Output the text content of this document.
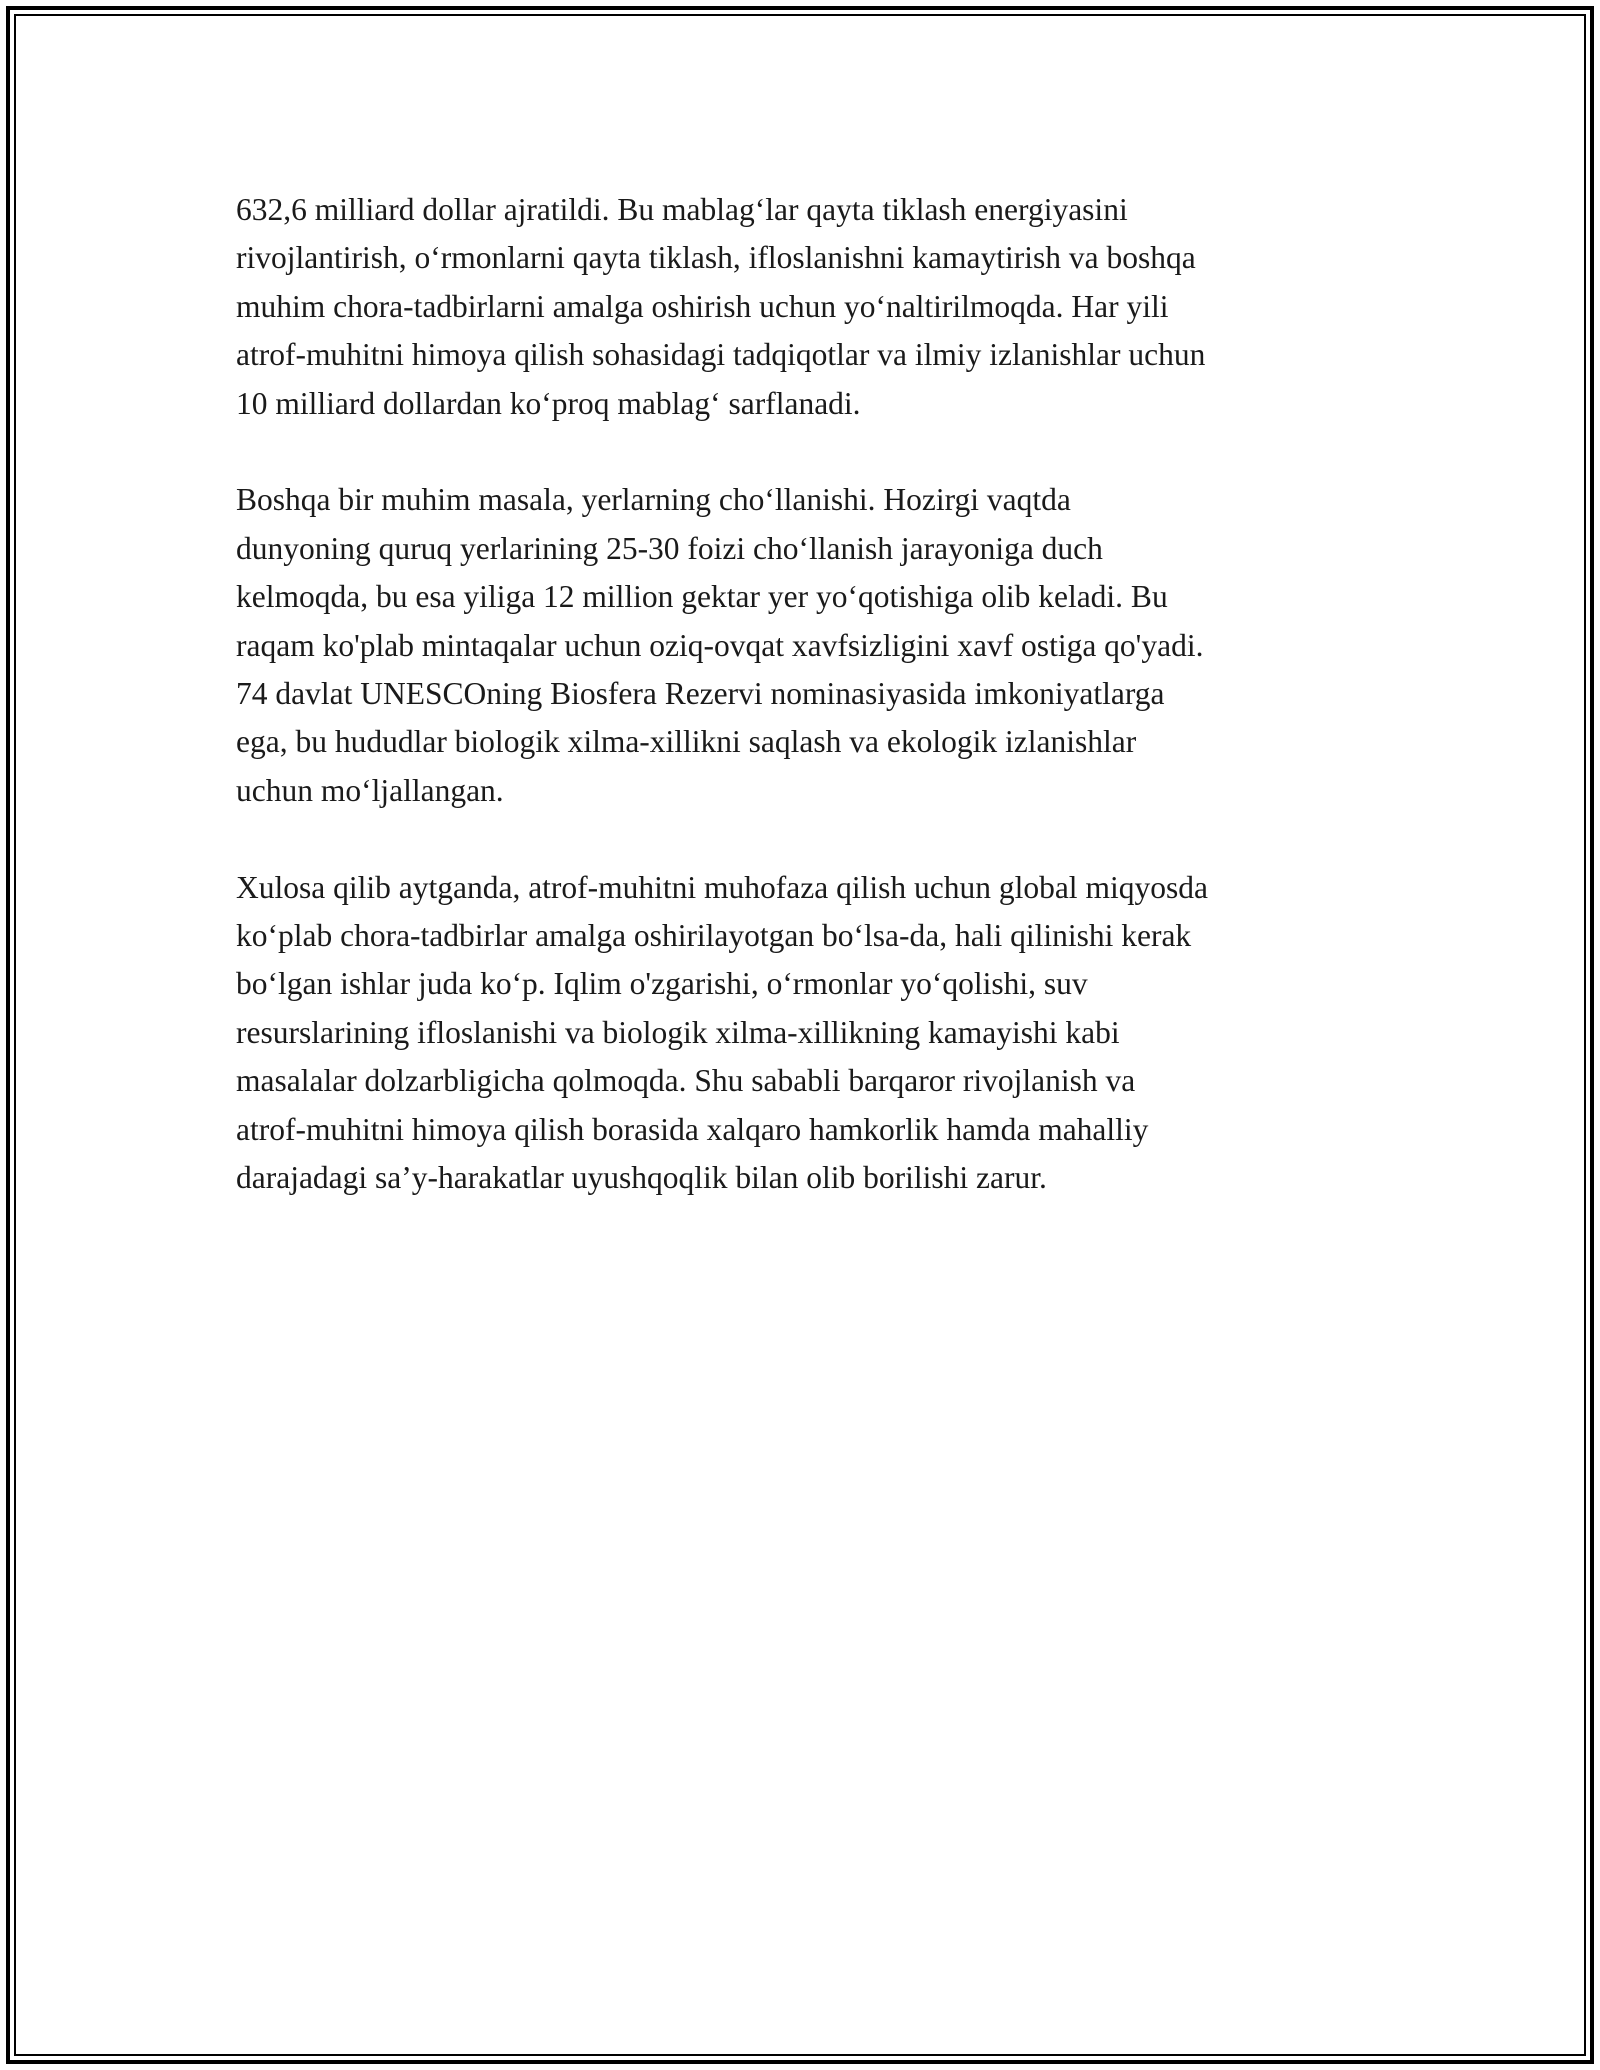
632,6 milliard dollar ajratildi. Bu mablag‘lar qayta tiklash energiyasini
rivojlantirish, o‘rmonlarni qayta tiklash, ifloslanishni kamaytirish va boshqa
muhim chora-tadbirlarni amalga oshirish uchun yo‘naltirilmoqda. Har yili
atrof-muhitni himoya qilish sohasidagi tadqiqotlar va ilmiy izlanishlar uchun
10 milliard dollardan ko‘proq mablag‘ sarflanadi.

Boshqa bir muhim masala, yerlarning cho‘llanishi. Hozirgi vaqtda
dunyoning quruq yerlarining 25-30 foizi cho‘llanish jarayoniga duch
kelmoqda, bu esa yiliga 12 million gektar yer yo‘qotishiga olib keladi. Bu
raqam ko'plab mintaqalar uchun oziq-ovqat xavfsizligini xavf ostiga qo'yadi.
74 davlat UNESCOning Biosfera Rezervi nominasiyasida imkoniyatlarga
ega, bu hududlar biologik xilma-xillikni saqlash va ekologik izlanishlar
uchun mo‘ljallangan.

Xulosa qilib aytganda, atrof-muhitni muhofaza qilish uchun global miqyosda
ko‘plab chora-tadbirlar amalga oshirilayotgan bo‘lsa-da, hali qilinishi kerak
bo‘lgan ishlar juda ko‘p. Iqlim o'zgarishi, o‘rmonlar yo‘qolishi, suv
resurslarining ifloslanishi va biologik xilma-xillikning kamayishi kabi
masalalar dolzarbligicha qolmoqda. Shu sababli barqaror rivojlanish va
atrof-muhitni himoya qilish borasida xalqaro hamkorlik hamda mahalliy
darajadagi sa’y-harakatlar uyushqoqlik bilan olib borilishi zarur.
